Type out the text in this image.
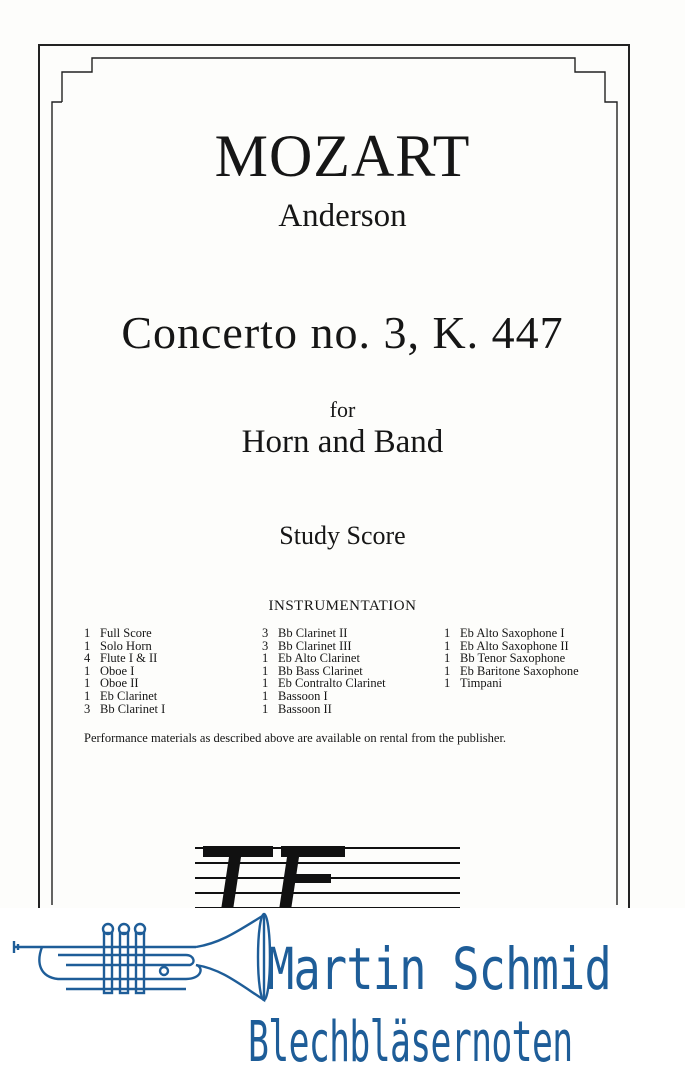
MOZART
Anderson
Concerto no. 3, K. 447
for
Horn and Band
Study Score
INSTRUMENTATION
1 Full Score
1 Solo Horn
4 Flute I & II
1 Oboe I
1 Oboe II
1 Eb Clarinet
3 Bb Clarinet I
3 Bb Clarinet II
3 Bb Clarinet III
1 Eb Alto Clarinet
1 Bb Bass Clarinet
1 Eb Contralto Clarinet
1 Bassoon I
1 Bassoon II
1 Eb Alto Saxophone I
1 Eb Alto Saxophone II
1 Bb Tenor Saxophone
1 Eb Baritone Saxophone
1 Timpani
Performance materials as described above are available on rental from the publisher.
Martin Schmid
Blechbläsernoten
